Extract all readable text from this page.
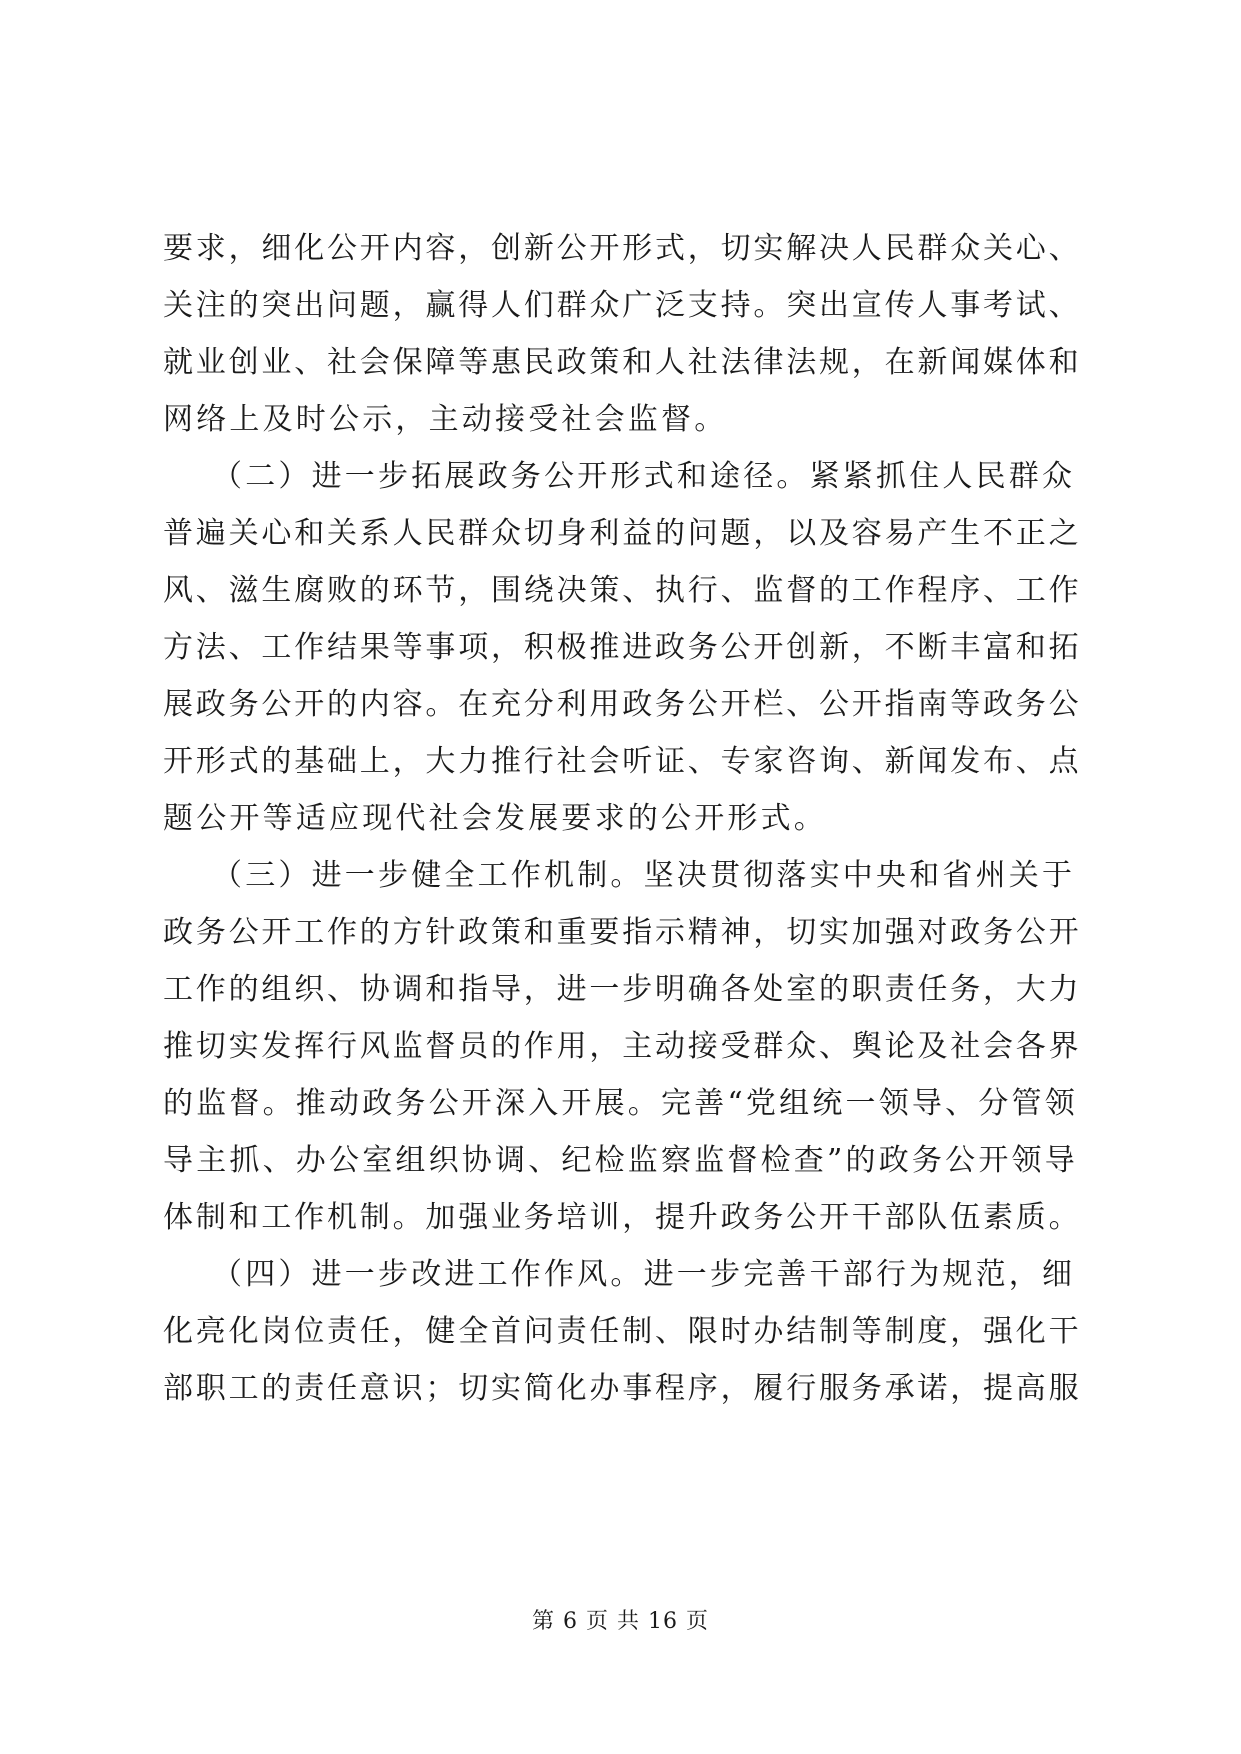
要求，细化公开内容，创新公开形式，切实解决人民群众关心、
关注的突出问题，赢得人们群众广泛支持。突出宣传人事考试、
就业创业、社会保障等惠民政策和人社法律法规，在新闻媒体和
网络上及时公示，主动接受社会监督。
（二）进一步拓展政务公开形式和途径。紧紧抓住人民群众
普遍关心和关系人民群众切身利益的问题，以及容易产生不正之
风、滋生腐败的环节，围绕决策、执行、监督的工作程序、工作
方法、工作结果等事项，积极推进政务公开创新，不断丰富和拓
展政务公开的内容。在充分利用政务公开栏、公开指南等政务公
开形式的基础上，大力推行社会听证、专家咨询、新闻发布、点
题公开等适应现代社会发展要求的公开形式。
（三）进一步健全工作机制。坚决贯彻落实中央和省州关于
政务公开工作的方针政策和重要指示精神，切实加强对政务公开
工作的组织、协调和指导，进一步明确各处室的职责任务，大力
推切实发挥行风监督员的作用，主动接受群众、舆论及社会各界
的监督。推动政务公开深入开展。完善“党组统一领导、分管领
导主抓、办公室组织协调、纪检监察监督检查”的政务公开领导
体制和工作机制。加强业务培训，提升政务公开干部队伍素质。
（四）进一步改进工作作风。进一步完善干部行为规范，细
化亮化岗位责任，健全首问责任制、限时办结制等制度，强化干
部职工的责任意识；切实简化办事程序，履行服务承诺，提高服
第 6 页 共 16 页
